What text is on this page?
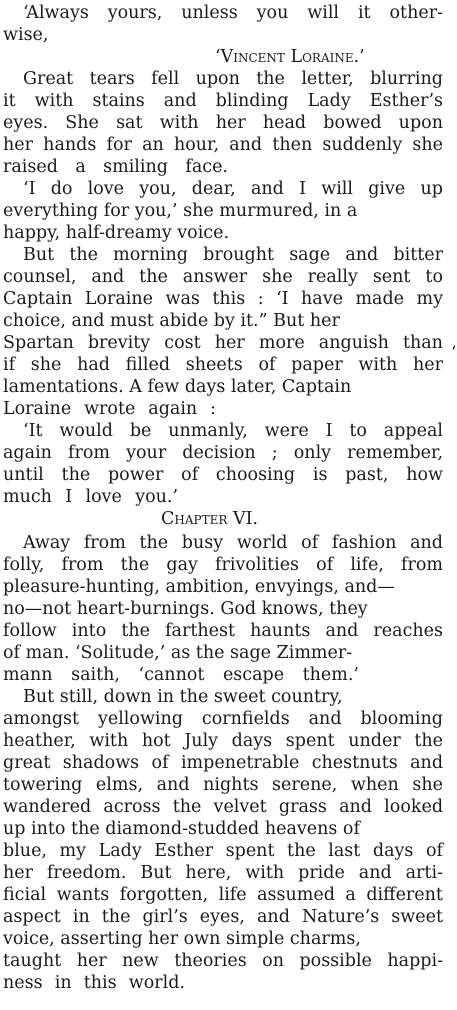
‘Always yours, unless you will it other-
wise,
‘Vincent Loraine.’
Great tears fell upon the letter, blurring
it with stains and blinding Lady Esther’s
eyes. She sat with her head bowed upon
her hands for an hour, and then suddenly she
raised a smiling face.
‘I do love you, dear, and I will give up
everything for you,’ she murmured, in a
happy, half-dreamy voice.
But the morning brought sage and bitter
counsel, and the answer she really sent to
Captain Loraine was this : ‘I have made my
choice, and must abide by it.” But her
Spartan brevity cost her more anguish than
if she had filled sheets of paper with her
lamentations. A few days later, Captain
Loraine wrote again :
‘It would be unmanly, were I to appeal
again from your decision ; only remember,
until the power of choosing is past, how
much I love you.’
Chapter VI.
Away from the busy world of fashion and
folly, from the gay frivolities of life, from
pleasure-hunting, ambition, envyings, and—
no—not heart-burnings. God knows, they
follow into the farthest haunts and reaches
of man. ‘Solitude,’ as the sage Zimmer-
mann saith, ‘cannot escape them.’
But still, down in the sweet country,
amongst yellowing cornfields and blooming
heather, with hot July days spent under the
great shadows of impenetrable chestnuts and
towering elms, and nights serene, when she
wandered across the velvet grass and looked
up into the diamond-studded heavens of
blue, my Lady Esther spent the last days of
her freedom. But here, with pride and arti-
ficial wants forgotten, life assumed a different
aspect in the girl’s eyes, and Nature’s sweet
voice, asserting her own simple charms,
taught her new theories on possible happi-
ness in this world.
‘
